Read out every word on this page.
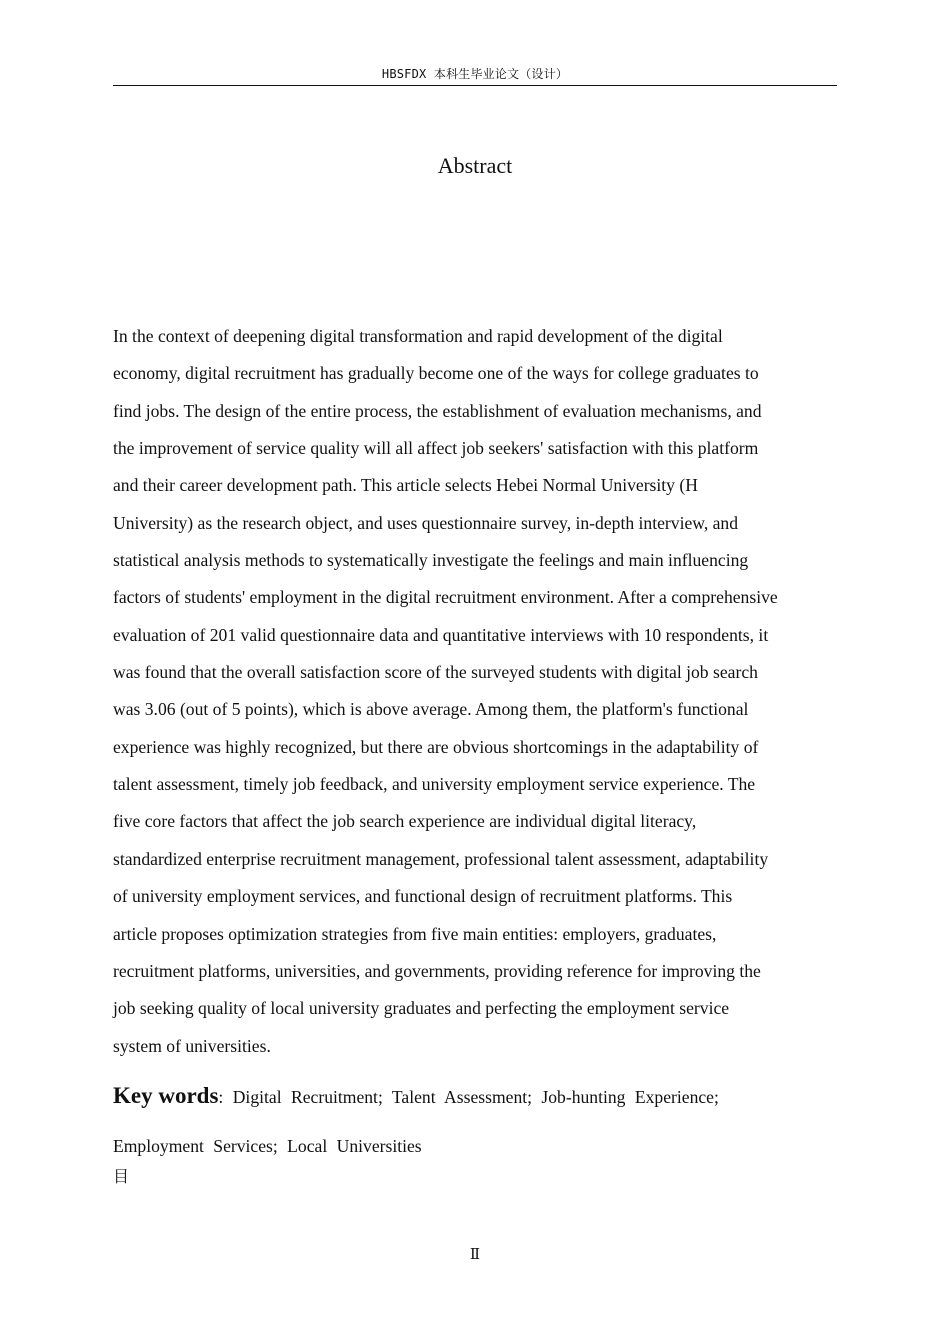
HBSFDX 本科生毕业论文（设计）
Abstract

In the context of deepening digital transformation and rapid development of the digital
economy, digital recruitment has gradually become one of the ways for college graduates to
find jobs. The design of the entire process, the establishment of evaluation mechanisms, and
the improvement of service quality will all affect job seekers' satisfaction with this platform
and their career development path. This article selects Hebei Normal University (H
University) as the research object, and uses questionnaire survey, in-depth interview, and
statistical analysis methods to systematically investigate the feelings and main influencing
factors of students' employment in the digital recruitment environment. After a comprehensive
evaluation of 201 valid questionnaire data and quantitative interviews with 10 respondents, it
was found that the overall satisfaction score of the surveyed students with digital job search
was 3.06 (out of 5 points), which is above average. Among them, the platform's functional
experience was highly recognized, but there are obvious shortcomings in the adaptability of
talent assessment, timely job feedback, and university employment service experience. The
five core factors that affect the job search experience are individual digital literacy,
standardized enterprise recruitment management, professional talent assessment, adaptability
of university employment services, and functional design of recruitment platforms. This
article proposes optimization strategies from five main entities: employers, graduates,
recruitment platforms, universities, and governments, providing reference for improving the
job seeking quality of local university graduates and perfecting the employment service
system of universities.

Key words: Digital Recruitment; Talent Assessment; Job-hunting Experience;
Employment Services; Local Universities
目
Ⅱ
